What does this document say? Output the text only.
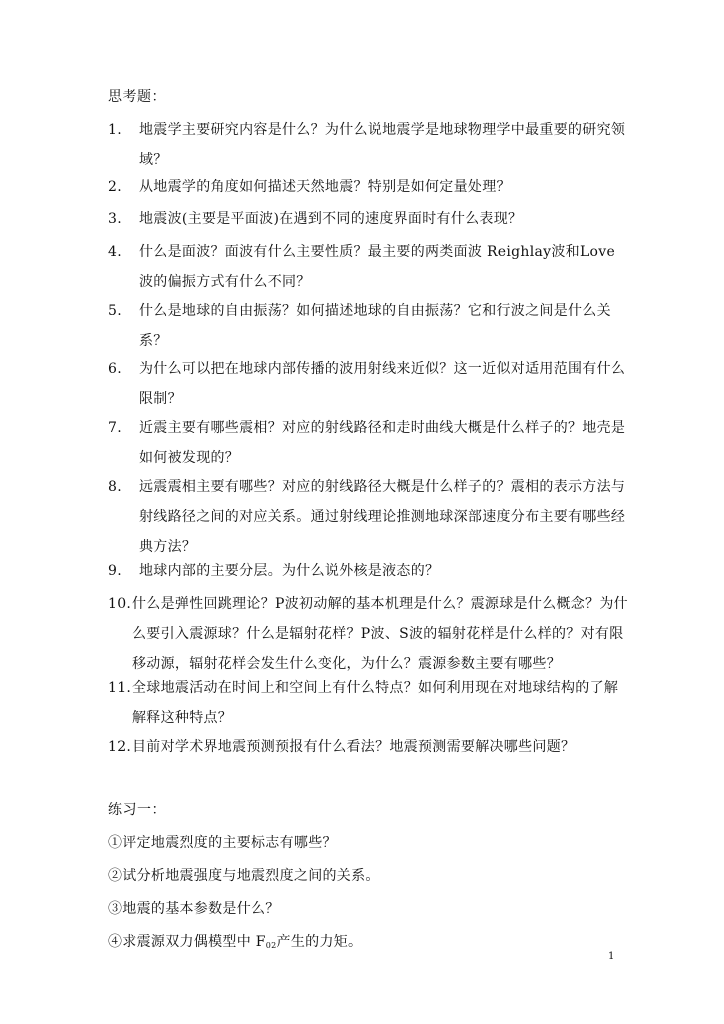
思考题：
1. 地震学主要研究内容是什么？为什么说地震学是地球物理学中最重要的研究领域？
2. 从地震学的角度如何描述天然地震？特别是如何定量处理？
3. 地震波(主要是平面波)在遇到不同的速度界面时有什么表现？
4. 什么是面波？面波有什么主要性质？最主要的两类面波 Reighlay波和Love波的偏振方式有什么不同？
5. 什么是地球的自由振荡？如何描述地球的自由振荡？它和行波之间是什么关系？
6. 为什么可以把在地球内部传播的波用射线来近似？这一近似对适用范围有什么限制？
7. 近震主要有哪些震相？对应的射线路径和走时曲线大概是什么样子的？地壳是如何被发现的？
8. 远震震相主要有哪些？对应的射线路径大概是什么样子的？震相的表示方法与射线路径之间的对应关系。通过射线理论推测地球深部速度分布主要有哪些经典方法？
9. 地球内部的主要分层。为什么说外核是液态的？
10. 什么是弹性回跳理论？P波初动解的基本机理是什么？震源球是什么概念？为什么要引入震源球？什么是辐射花样？P波、S波的辐射花样是什么样的？对有限移动源，辐射花样会发生什么变化，为什么？震源参数主要有哪些？
11. 全球地震活动在时间上和空间上有什么特点？如何利用现在对地球结构的了解解释这种特点？
12. 目前对学术界地震预测预报有什么看法？地震预测需要解决哪些问题？
练习一：
①评定地震烈度的主要标志有哪些？
②试分析地震强度与地震烈度之间的关系。
③地震的基本参数是什么？
④求震源双力偶模型中 $F_{02}$产生的力矩。
1
